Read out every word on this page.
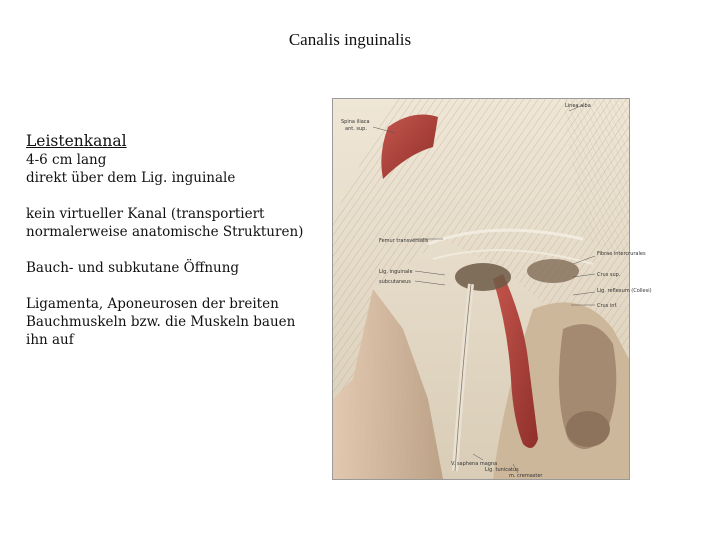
Canalis inguinalis
Leistenkanal

4-6 cm lang

direkt über dem Lig. inguinale

kein virtueller Kanal (transportiert

normalerweise anatomische Strukturen)

Bauch- und subkutane Öffnung

Ligamenta, Aponeurosen der breiten

Bauchmuskeln bzw. die Muskeln bauen

ihn auf

Spina iliaca
ant. sup.
Linea alba
Femur transversalis
Lig. inguinale
subcutaneus
Fibrae intercrurales
Crus sup.
Lig. reflexum (Collesi)
Crus inf.
V. saphena magna
Lig. tunicatus
m. cremaster
